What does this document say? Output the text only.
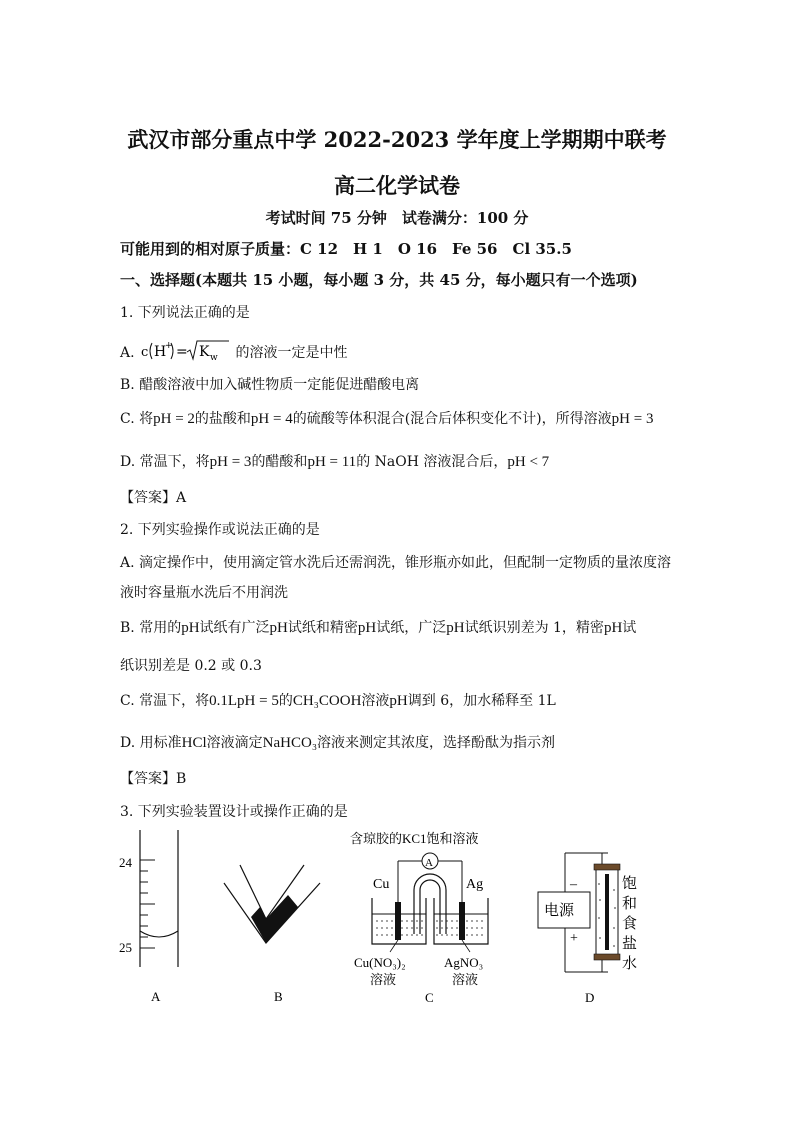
武汉市部分重点中学 2022-2023 学年度上学期期中联考
高二化学试卷
考试时间 75 分钟　试卷满分：100 分
可能用到的相对原子质量：C 12　H 1　O 16　Fe 56　Cl 35.5
一、选择题(本题共 15 小题，每小题 3 分，共 45 分，每小题只有一个选项)
1. 下列说法正确的是
A. c H
+ = K w 的溶液一定是中性
B. 醋酸溶液中加入碱性物质一定能促进醋酸电离
C. 将pH = 2的盐酸和pH = 4的硫酸等体积混合(混合后体积变化不计)，所得溶液pH = 3
D. 常温下，将pH = 3的醋酸和pH = 11的 NaOH 溶液混合后，pH < 7
【答案】A
2. 下列实验操作或说法正确的是
A. 滴定操作中，使用滴定管水洗后还需润洗，锥形瓶亦如此，但配制一定物质的量浓度溶
液时容量瓶水洗后不用润洗
B. 常用的pH试纸有广泛pH试纸和精密pH试纸，广泛pH试纸识别差为 1，精密pH试
纸识别差是 0.2 或 0.3
C. 常温下，将0.1LpH = 5的CH₃COOH溶液pH调到 6，加水稀释至 1L
D. 用标准HCl溶液滴定NaHCO₃溶液来测定其浓度，选择酚酞为指示剂
【答案】B
3. 下列实验装置设计或操作正确的是
24
25
A	B
含琼胶的KC1饱和溶液
A
Cu	Ag
Cu(NO₃)₂
溶液
AgNO₃
溶液
C
电源
–
+
饱
和
食
盐
水
D
